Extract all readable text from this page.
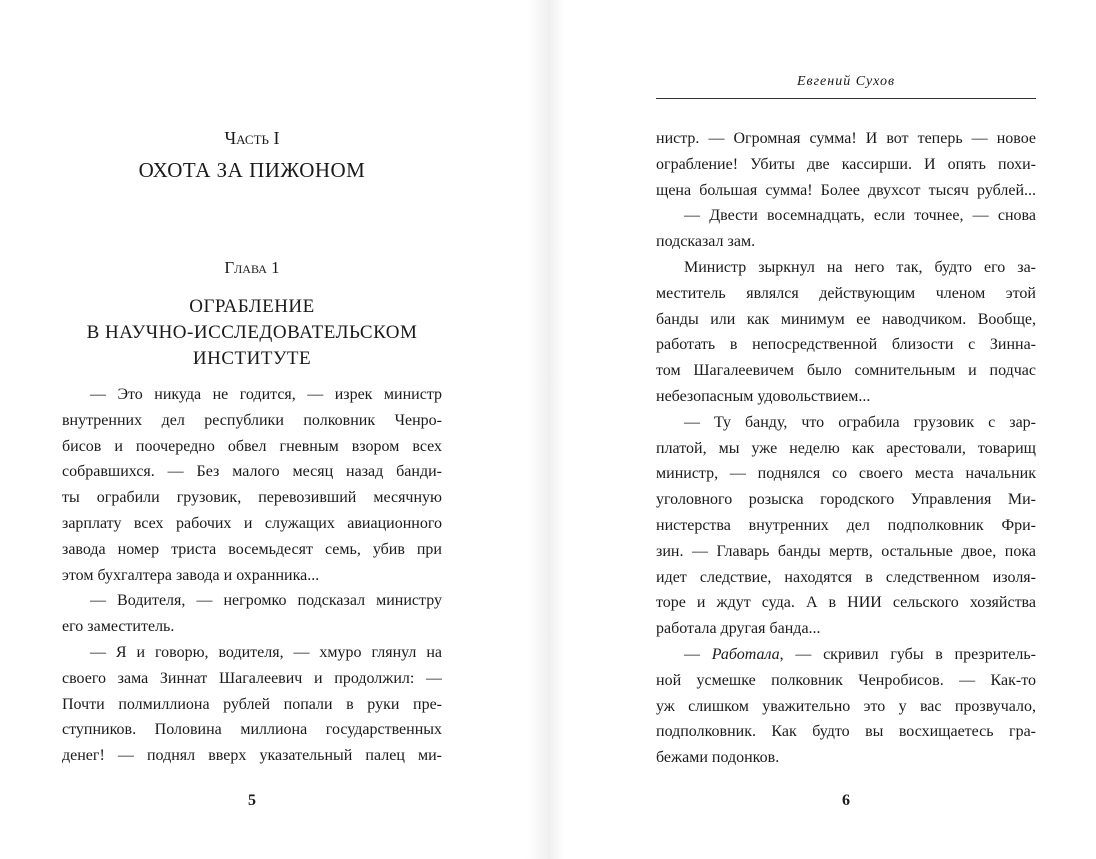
Часть I
ОХОТА ЗА ПИЖОНОМ
Глава 1
ОГРАБЛЕНИЕ
В НАУЧНО-ИССЛЕДОВАТЕЛЬСКОМ
ИНСТИТУТЕ
— Это никуда не годится, — изрек министр
внутренних дел республики полковник Ченро-
бисов и поочередно обвел гневным взором всех
собравшихся. — Без малого месяц назад банди-
ты ограбили грузовик, перевозивший месячную
зарплату всех рабочих и служащих авиационного
завода номер триста восемьдесят семь, убив при
этом бухгалтера завода и охранника...
— Водителя, — негромко подсказал министру
его заместитель.
— Я и говорю, водителя, — хмуро глянул на
своего зама Зиннат Шагалеевич и продолжил: —
Почти полмиллиона рублей попали в руки пре-
ступников. Половина миллиона государственных
денег! — поднял вверх указательный палец ми-
5
Евгений Сухов
нистр. — Огромная сумма! И вот теперь — новое
ограбление! Убиты две кассирши. И опять похи-
щена большая сумма! Более двухсот тысяч рублей...
— Двести восемнадцать, если точнее, — снова
подсказал зам.
Министр зыркнул на него так, будто его за-
меститель являлся действующим членом этой
банды или как минимум ее наводчиком. Вообще,
работать в непосредственной близости с Зинна-
том Шагалеевичем было сомнительным и подчас
небезопасным удовольствием...
— Ту банду, что ограбила грузовик с зар-
платой, мы уже неделю как арестовали, товарищ
министр, — поднялся со своего места начальник
уголовного розыска городского Управления Ми-
нистерства внутренних дел подполковник Фри-
зин. — Главарь банды мертв, остальные двое, пока
идет следствие, находятся в следственном изоля-
торе и ждут суда. А в НИИ сельского хозяйства
работала другая банда...
— Работала, — скривил губы в презритель-
ной усмешке полковник Ченробисов. — Как-то
уж слишком уважительно это у вас прозвучало,
подполковник. Как будто вы восхищаетесь гра-
бежами подонков.
6
